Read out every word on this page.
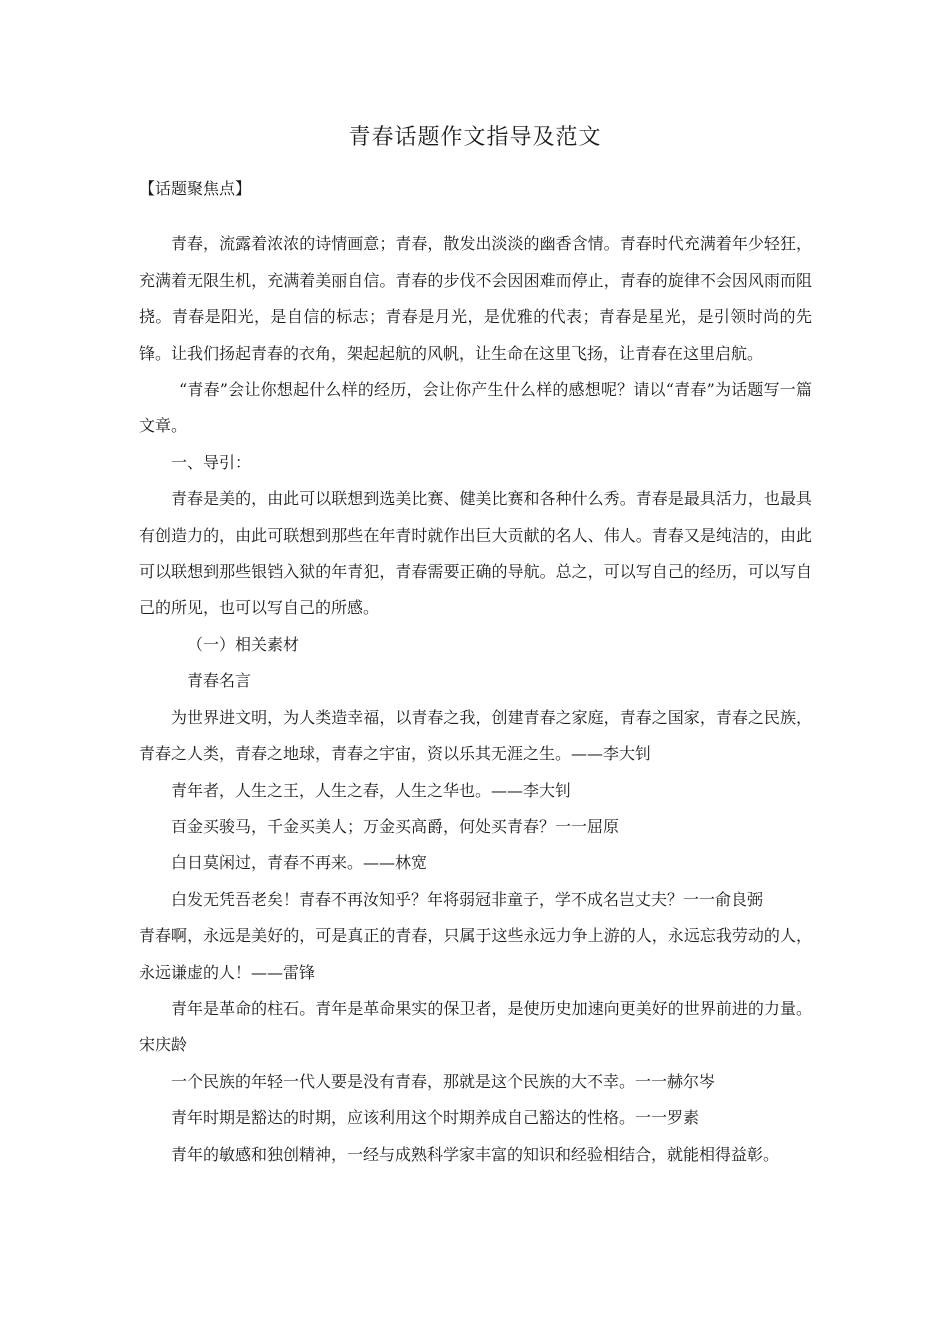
青春话题作文指导及范文

【话题聚焦点】

青春，流露着浓浓的诗情画意；青春，散发出淡淡的幽香含情。青春时代充满着年少轻狂，充满着无限生机，充满着美丽自信。青春的步伐不会因困难而停止，青春的旋律不会因风雨而阻挠。青春是阳光，是自信的标志；青春是月光，是优雅的代表；青春是星光，是引领时尚的先锋。让我们扬起青春的衣角，架起起航的风帆，让生命在这里飞扬，让青春在这里启航。

“青春”会让你想起什么样的经历，会让你产生什么样的感想呢？请以“青春”为话题写一篇文章。

一、导引：

青春是美的，由此可以联想到选美比赛、健美比赛和各种什么秀。青春是最具活力，也最具有创造力的，由此可联想到那些在年青时就作出巨大贡献的名人、伟人。青春又是纯洁的，由此可以联想到那些银铛入狱的年青犯，青春需要正确的导航。总之，可以写自己的经历，可以写自己的所见，也可以写自己的所感。

（一）相关素材

青春名言

为世界进文明，为人类造幸福，以青春之我，创建青春之家庭，青春之国家，青春之民族，青春之人类，青春之地球，青春之宇宙，资以乐其无涯之生。——李大钊

青年者，人生之王，人生之春，人生之华也。——李大钊

百金买骏马，千金买美人；万金买高爵，何处买青春？一一屈原

白日莫闲过，青春不再来。——林宽

白发无凭吾老矣！青春不再汝知乎？年将弱冠非童子，学不成名岂丈夫？一一俞良弼

青春啊，永远是美好的，可是真正的青春，只属于这些永远力争上游的人，永远忘我劳动的人，永远谦虚的人！——雷锋

青年是革命的柱石。青年是革命果实的保卫者，是使历史加速向更美好的世界前进的力量。宋庆龄

一个民族的年轻一代人要是没有青春，那就是这个民族的大不幸。一一赫尔岑

青年时期是豁达的时期，应该利用这个时期养成自己豁达的性格。一一罗素

青年的敏感和独创精神，一经与成熟科学家丰富的知识和经验相结合，就能相得益彰。
